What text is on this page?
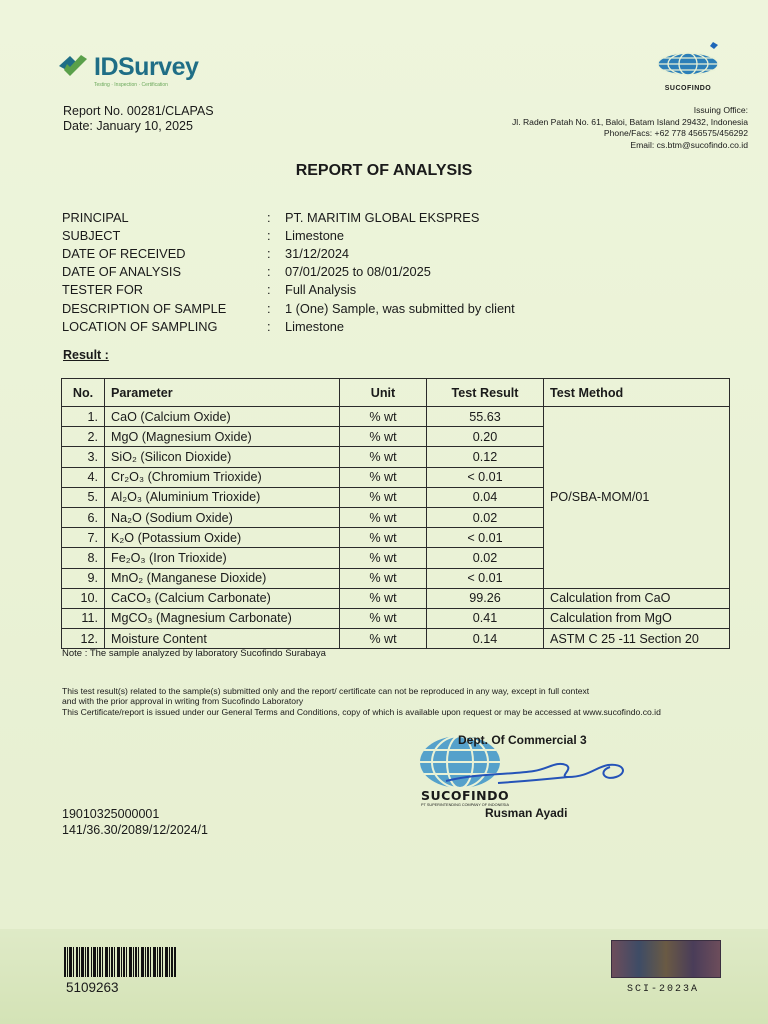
IDSurvey
Testing · Inspection · Certification	SUCOFINDO
Report No. 00281/CLAPAS
Date: January 10, 2025
Issuing Office:
Jl. Raden Patah No. 61, Baloi, Batam Island 29432, Indonesia
Phone/Facs: +62 778 456575/456292
Email: cs.btm@sucofindo.co.id
REPORT OF ANALYSIS
PRINCIPAL	:	PT. MARITIM GLOBAL EKSPRES
SUBJECT	:	Limestone
DATE OF RECEIVED	:	31/12/2024
DATE OF ANALYSIS	:	07/01/2025 to 08/01/2025
TESTER FOR	:	Full Analysis
DESCRIPTION OF SAMPLE	:	1 (One) Sample, was submitted by client
LOCATION OF SAMPLING	:	Limestone
Result :
No.	Parameter	Unit	Test Result	Test Method
1.	CaO (Calcium Oxide)	% wt	55.63	PO/SBA-MOM/01
2.	MgO (Magnesium Oxide)	% wt	0.20	
3.	SiO₂ (Silicon Dioxide)	% wt	0.12	
4.	Cr₂O₃ (Chromium Trioxide)	% wt	< 0.01	
5.	Al₂O₃ (Aluminium Trioxide)	% wt	0.04	
6.	Na₂O (Sodium Oxide)	% wt	0.02	
7.	K₂O (Potassium Oxide)	% wt	< 0.01	
8.	Fe₂O₃ (Iron Trioxide)	% wt	0.02	
9.	MnO₂ (Manganese Dioxide)	% wt	< 0.01	
10.	CaCO₃ (Calcium Carbonate)	% wt	99.26	Calculation from CaO
11.	MgCO₃ (Magnesium Carbonate)	% wt	0.41	Calculation from MgO
12.	Moisture Content	% wt	0.14	ASTM C 25 -11 Section 20
Note : The sample analyzed by laboratory Sucofindo Surabaya
This test result(s) related to the sample(s) submitted only and the report/ certificate can not be reproduced in any way, except in full context
and with the prior approval in writing from Sucofindo Laboratory
This Certificate/report is issued under our General Terms and Conditions, copy of which is available upon request or may be accessed at www.sucofindo.co.id
Dept. Of Commercial 3
SUCOFINDO
PT SUPERINTENDING COMPANY OF INDONESIA
Rusman Ayadi
19010325000001
141/36.30/2089/12/2024/1
5109263	SCI-2023A
